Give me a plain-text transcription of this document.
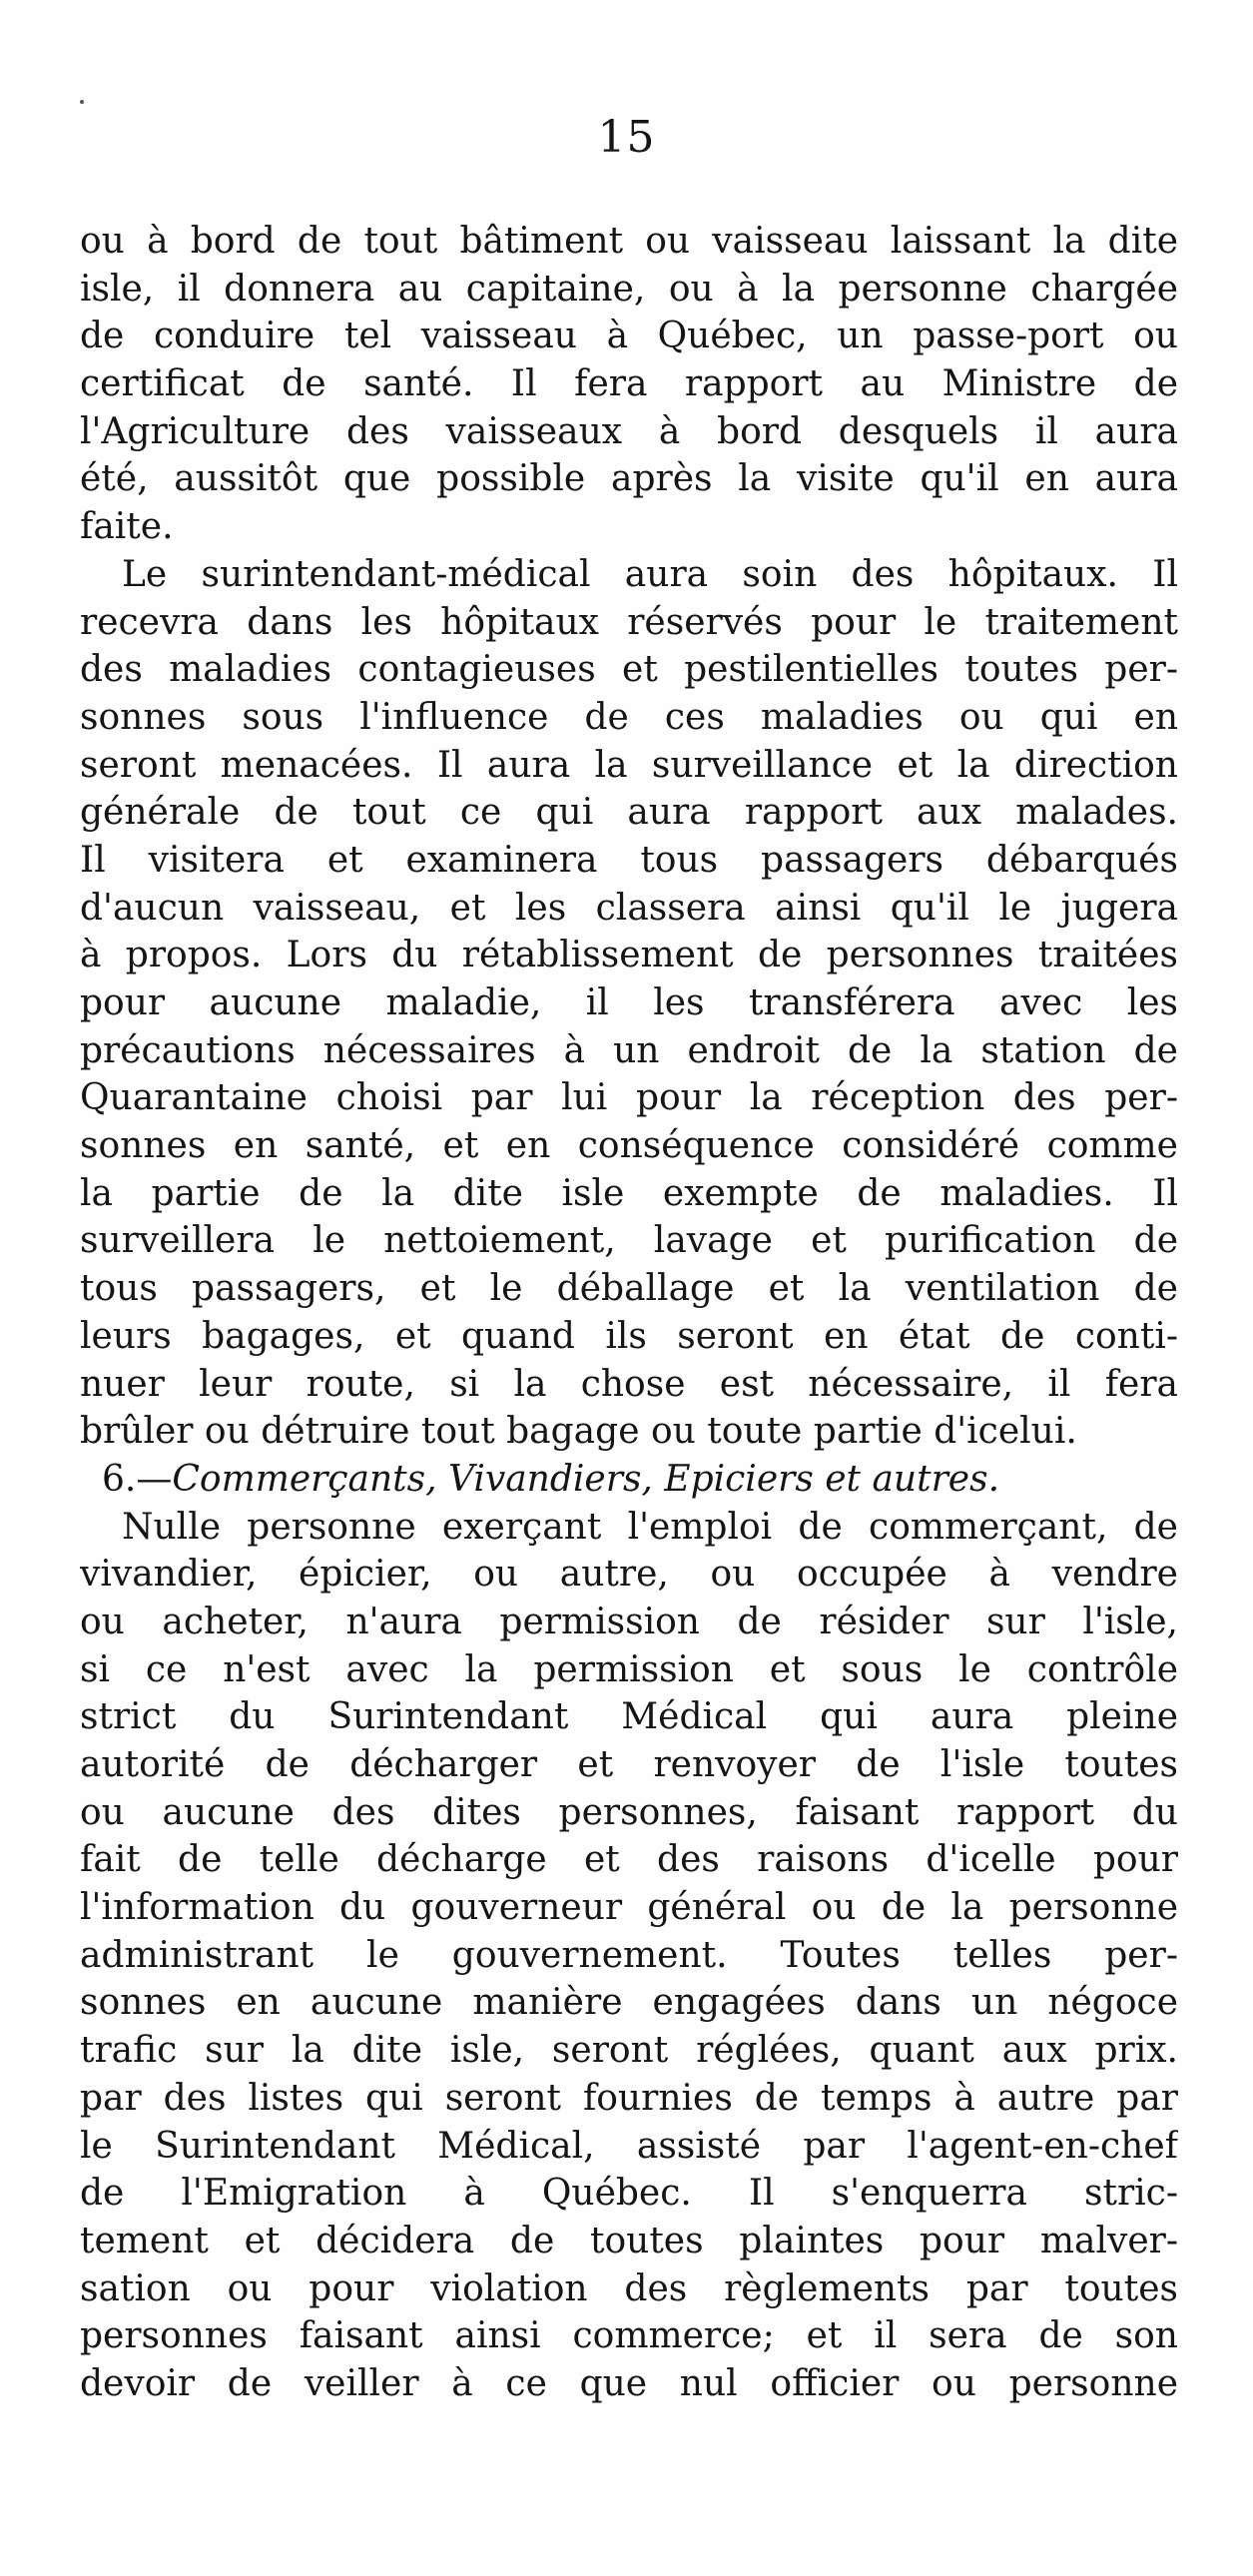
15
ou à bord de tout bâtiment ou vaisseau laissant la dite
isle, il donnera au capitaine, ou à la personne chargée
de conduire tel vaisseau à Québec, un passe-port ou
certificat de santé. Il fera rapport au Ministre de
l'Agriculture des vaisseaux à bord desquels il aura
été, aussitôt que possible après la visite qu'il en aura
faite.
Le surintendant-médical aura soin des hôpitaux. Il
recevra dans les hôpitaux réservés pour le traitement
des maladies contagieuses et pestilentielles toutes per-
sonnes sous l'influence de ces maladies ou qui en
seront menacées. Il aura la surveillance et la direction
générale de tout ce qui aura rapport aux malades.
Il visitera et examinera tous passagers débarqués
d'aucun vaisseau, et les classera ainsi qu'il le jugera
à propos. Lors du rétablissement de personnes traitées
pour aucune maladie, il les transférera avec les
précautions nécessaires à un endroit de la station de
Quarantaine choisi par lui pour la réception des per-
sonnes en santé, et en conséquence considéré comme
la partie de la dite isle exempte de maladies. Il
surveillera le nettoiement, lavage et purification de
tous passagers, et le déballage et la ventilation de
leurs bagages, et quand ils seront en état de conti-
nuer leur route, si la chose est nécessaire, il fera
brûler ou détruire tout bagage ou toute partie d'icelui.
6.—Commerçants, Vivandiers, Epiciers et autres.
Nulle personne exerçant l'emploi de commerçant, de
vivandier, épicier, ou autre, ou occupée à vendre
ou acheter, n'aura permission de résider sur l'isle,
si ce n'est avec la permission et sous le contrôle
strict du Surintendant Médical qui aura pleine
autorité de décharger et renvoyer de l'isle toutes
ou aucune des dites personnes, faisant rapport du
fait de telle décharge et des raisons d'icelle pour
l'information du gouverneur général ou de la personne
administrant le gouvernement. Toutes telles per-
sonnes en aucune manière engagées dans un négoce
trafic sur la dite isle, seront réglées, quant aux prix.
par des listes qui seront fournies de temps à autre par
le Surintendant Médical, assisté par l'agent-en-chef
de l'Emigration à Québec. Il s'enquerra stric-
tement et décidera de toutes plaintes pour malver-
sation ou pour violation des règlements par toutes
personnes faisant ainsi commerce; et il sera de son
devoir de veiller à ce que nul officier ou personne
